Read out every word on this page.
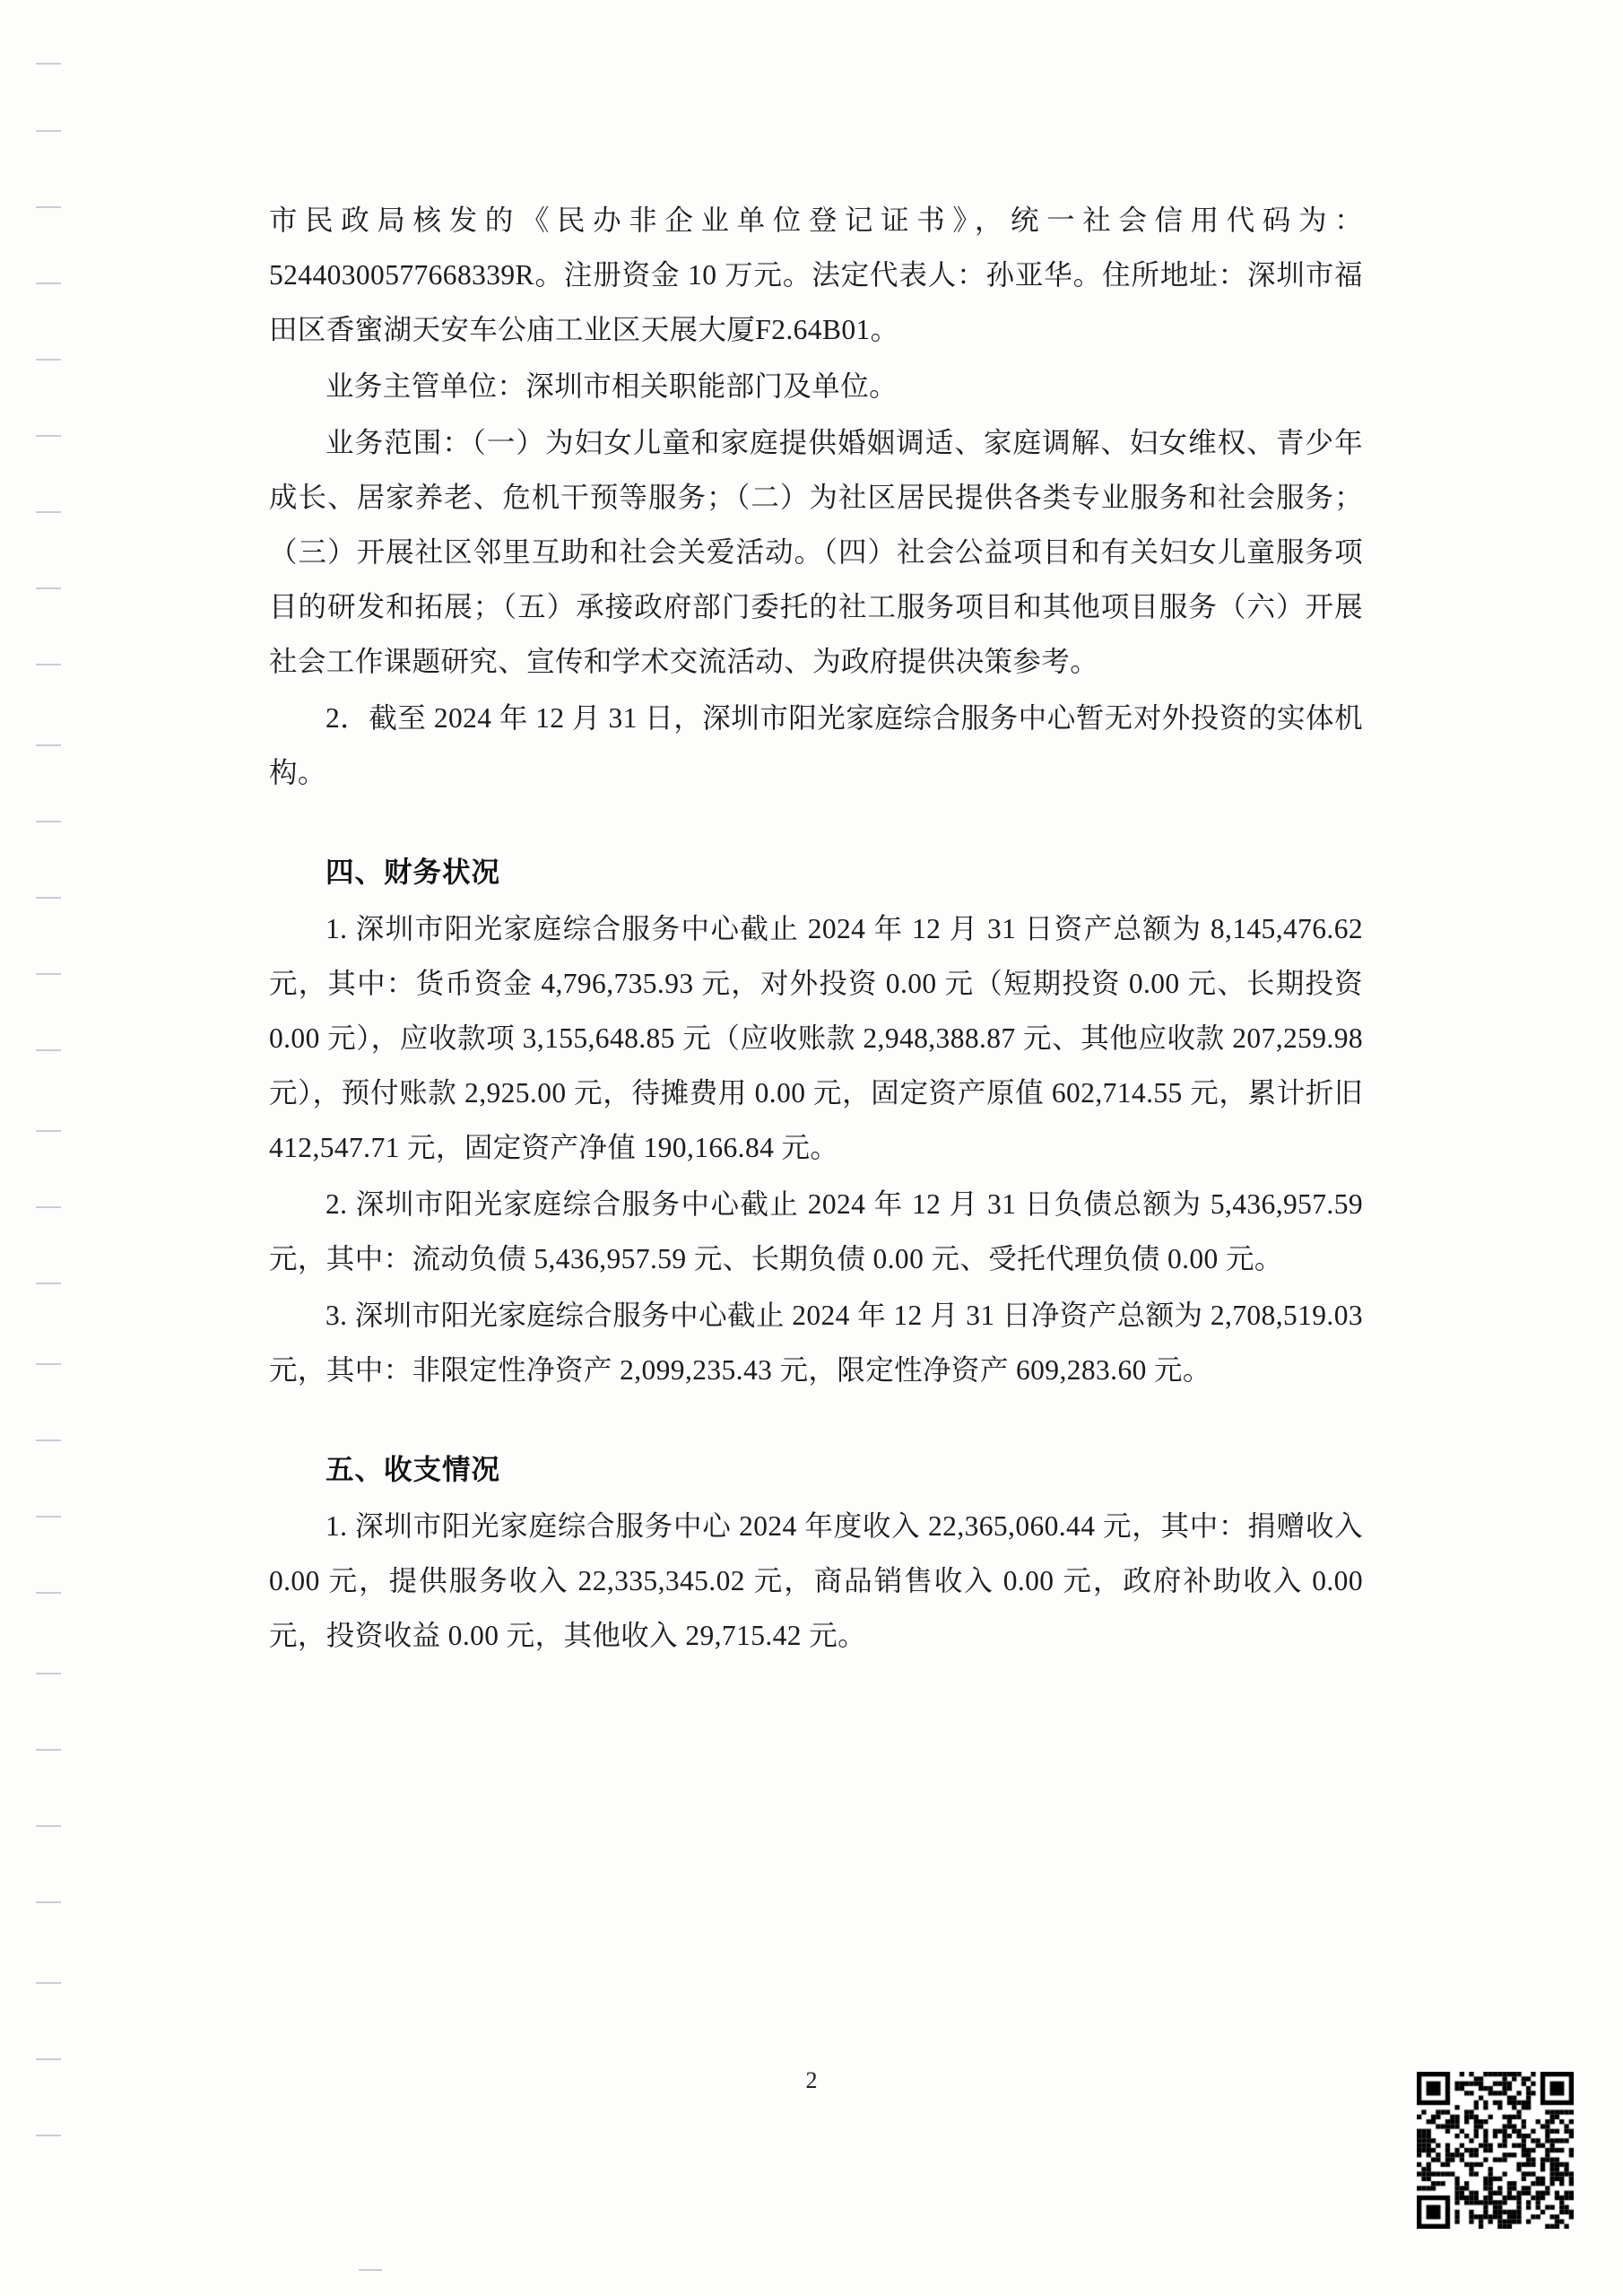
市民政局核发的《民办非企业单位登记证书》，统一社会信用代码为：52440300577668339R。注册资金 10 万元。法定代表人：孙亚华。住所地址：深圳市福田区香蜜湖天安车公庙工业区天展大厦F2.64B01。

业务主管单位：深圳市相关职能部门及单位。

业务范围：（一）为妇女儿童和家庭提供婚姻调适、家庭调解、妇女维权、青少年成长、居家养老、危机干预等服务；（二）为社区居民提供各类专业服务和社会服务；（三）开展社区邻里互助和社会关爱活动。（四）社会公益项目和有关妇女儿童服务项目的研发和拓展；（五）承接政府部门委托的社工服务项目和其他项目服务（六）开展社会工作课题研究、宣传和学术交流活动、为政府提供决策参考。

2．截至 2024 年 12 月 31 日，深圳市阳光家庭综合服务中心暂无对外投资的实体机构。

四、财务状况

1. 深圳市阳光家庭综合服务中心截止 2024 年 12 月 31 日资产总额为 8,145,476.62 元，其中：货币资金 4,796,735.93 元，对外投资 0.00 元（短期投资 0.00 元、长期投资 0.00 元），应收款项 3,155,648.85 元（应收账款 2,948,388.87 元、其他应收款 207,259.98 元），预付账款 2,925.00 元，待摊费用 0.00 元，固定资产原值 602,714.55 元，累计折旧 412,547.71 元，固定资产净值 190,166.84 元。

2. 深圳市阳光家庭综合服务中心截止 2024 年 12 月 31 日负债总额为 5,436,957.59 元，其中：流动负债 5,436,957.59 元、长期负债 0.00 元、受托代理负债 0.00 元。

3. 深圳市阳光家庭综合服务中心截止 2024 年 12 月 31 日净资产总额为 2,708,519.03 元，其中：非限定性净资产 2,099,235.43 元，限定性净资产 609,283.60 元。

五、收支情况

1. 深圳市阳光家庭综合服务中心 2024 年度收入 22,365,060.44 元，其中：捐赠收入 0.00 元，提供服务收入 22,335,345.02 元，商品销售收入 0.00 元，政府补助收入 0.00 元，投资收益 0.00 元，其他收入 29,715.42 元。

2
